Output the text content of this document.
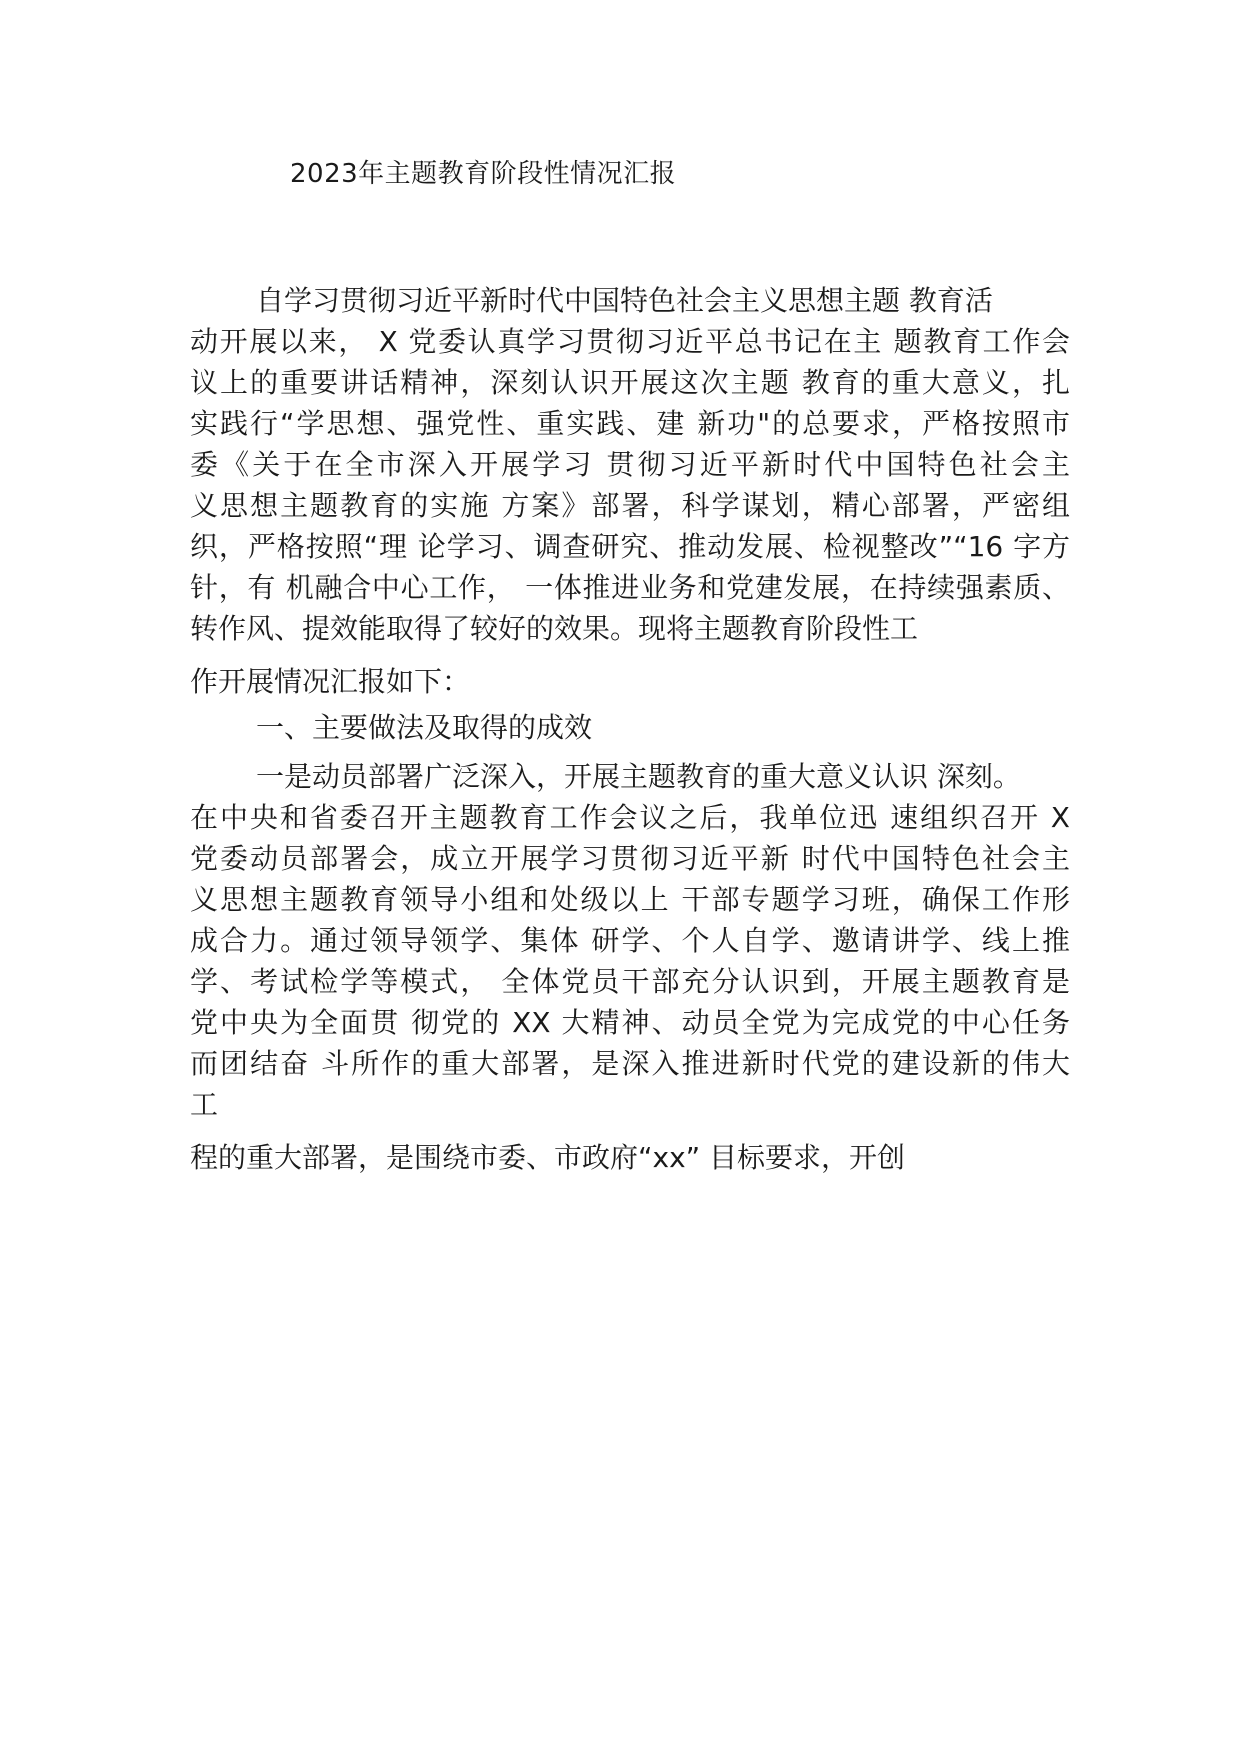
2023年主题教育阶段性情况汇报
自学习贯彻习近平新时代中国特色社会主义思想主题 教育活
动开展以来， X 党委认真学习贯彻习近平总书记在主 题教育工作会
议上的重要讲话精神，深刻认识开展这次主题 教育的重大意义，扎
实践行“学思想、强党性、重实践、建 新功"的总要求，严格按照市
委《关于在全市深入开展学习 贯彻习近平新时代中国特色社会主
义思想主题教育的实施 方案》部署，科学谋划，精心部署，严密组
织，严格按照“理 论学习、调查研究、推动发展、检视整改”“16 字方
针，有 机融合中心工作， 一体推进业务和党建发展，在持续强素质、
转作风、提效能取得了较好的效果。现将主题教育阶段性工
作开展情况汇报如下：
一、主要做法及取得的成效
一是动员部署广泛深入，开展主题教育的重大意义认识 深刻。
在中央和省委召开主题教育工作会议之后，我单位迅 速组织召开 X
党委动员部署会，成立开展学习贯彻习近平新 时代中国特色社会主
义思想主题教育领导小组和处级以上 干部专题学习班，确保工作形
成合力。通过领导领学、集体 研学、个人自学、邀请讲学、线上推
学、考试检学等模式， 全体党员干部充分认识到，开展主题教育是
党中央为全面贯 彻党的 XX 大精神、动员全党为完成党的中心任务
而团结奋 斗所作的重大部署，是深入推进新时代党的建设新的伟大
工
程的重大部署，是围绕市委、市政府“xx” 目标要求，开创
